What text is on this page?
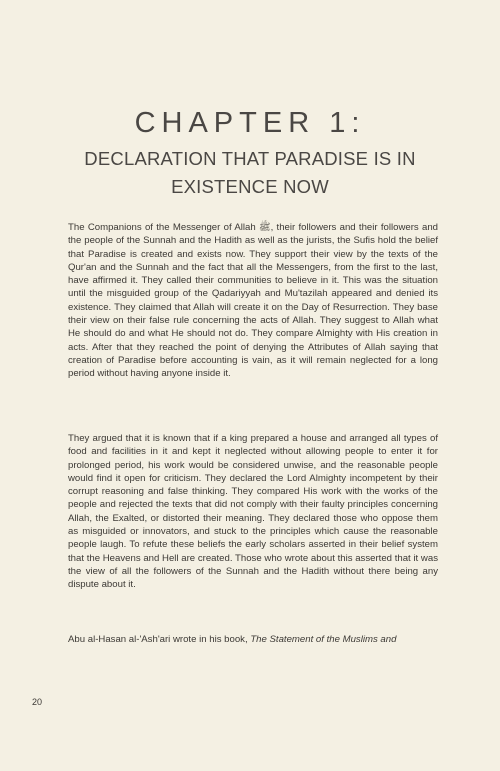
CHAPTER 1:
DECLARATION THAT PARADISE IS IN EXISTENCE NOW

The Companions of the Messenger of Allah ﷺ, their followers and their followers and the people of the Sunnah and the Hadith as well as the jurists, the Sufis hold the belief that Paradise is created and exists now. They support their view by the texts of the Qur'an and the Sunnah and the fact that all the Messengers, from the first to the last, have affirmed it. They called their communities to believe in it. This was the situation until the misguided group of the Qadariyyah and Mu'tazilah appeared and denied its existence. They claimed that Allah will create it on the Day of Resurrection. They base their view on their false rule concerning the acts of Allah. They suggest to Allah what He should do and what He should not do. They compare Almighty with His creation in acts. After that they reached the point of denying the Attributes of Allah saying that creation of Paradise before accounting is vain, as it will remain neglected for a long period without having anyone inside it.

They argued that it is known that if a king prepared a house and arranged all types of food and facilities in it and kept it neglected without allowing people to enter it for prolonged period, his work would be considered unwise, and the reasonable people would find it open for criticism. They declared the Lord Almighty incompetent by their corrupt reasoning and false thinking. They compared His work with the works of the people and rejected the texts that did not comply with their faulty principles concerning Allah, the Exalted, or distorted their meaning. They declared those who oppose them as misguided or innovators, and stuck to the principles which cause the reasonable people laugh. To refute these beliefs the early scholars asserted in their belief system that the Heavens and Hell are created. Those who wrote about this asserted that it was the view of all the followers of the Sunnah and the Hadith without there being any dispute about it.

Abu al-Hasan al-'Ash'ari wrote in his book, The Statement of the Muslims and

20
